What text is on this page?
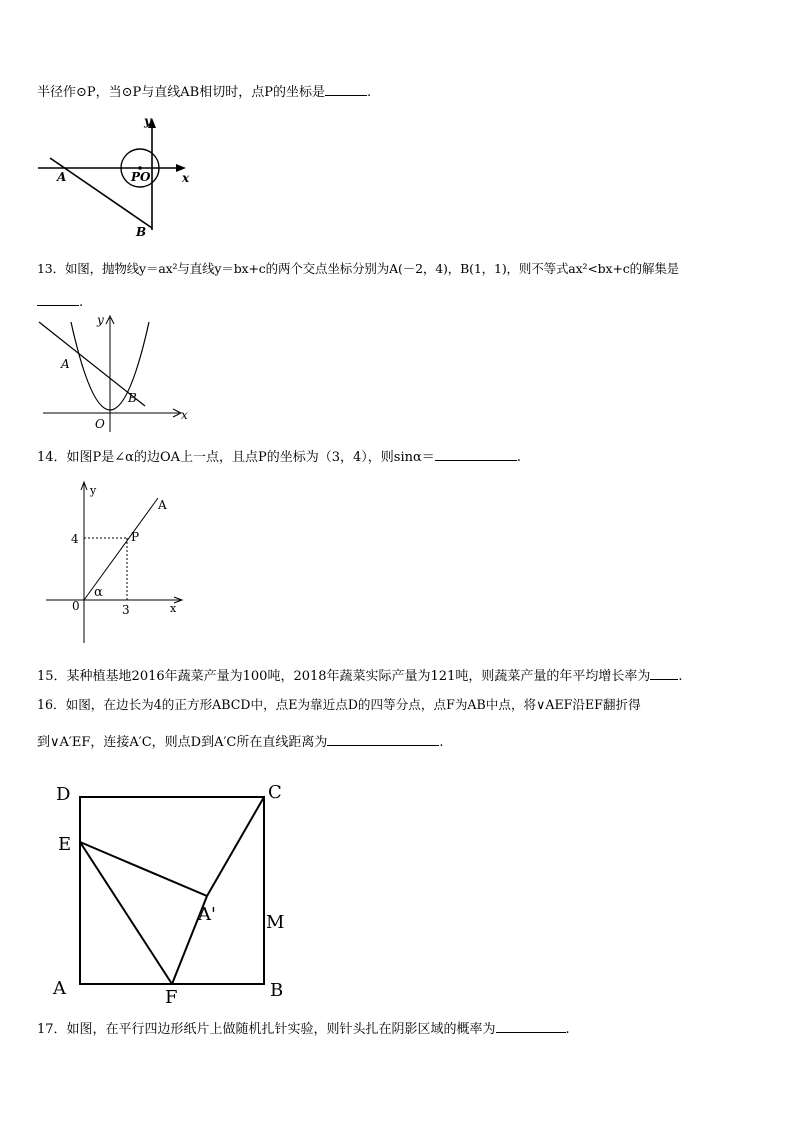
半径作⊙P，当⊙P与直线AB相切时，点P的坐标是	.
y
x
A	PO
B
13．如图，抛物线y＝ax²与直线y＝bx+c的两个交点坐标分别为A(－2，4)，B(1，1)，则不等式ax²<bx+c的解集是
.
A
B
O
y
x
14．如图P是∠α的边OA上一点，且点P的坐标为（3，4），则sinα＝	.
y
A
4	P
0
α
3	x
15．某种植基地2016年蔬菜产量为100吨，2018年蔬菜实际产量为121吨，则蔬菜产量的年平均增长率为 .
16．如图，在边长为4的正方形ABCD中，点E为靠近点D的四等分点，点F为AB中点，将∨AEF沿EF翻折得
到∨A′EF，连接A′C，则点D到A′C所在直线距离为	.
D	C
E
A'	M
A	F	B
17．如图，在平行四边形纸片上做随机扎针实验，则针头扎在阴影区域的概率为	.
